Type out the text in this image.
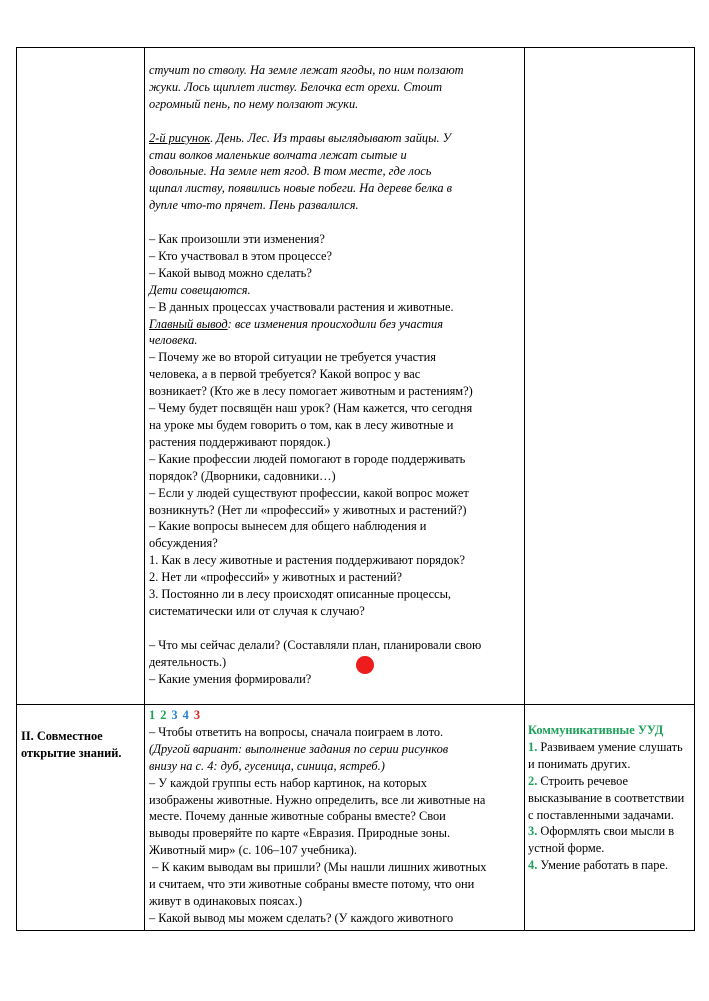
стучит по стволу. На земле лежат ягоды, по ним ползают

жуки. Лось щиплет листву. Белочка ест орехи. Стоит

огромный пень, по нему ползают жуки.

2-й рисунок. День. Лес. Из травы выглядывают зайцы. У

стаи волков маленькие волчата лежат сытые и

довольные. На земле нет ягод. В том месте, где лось

щипал листву, появились новые побеги. На дереве белка в

дупле что-то прячет. Пень развалился.

– Как произошли эти изменения?

– Кто участвовал в этом процессе?

– Какой вывод можно сделать?

Дети совещаются.

– В данных процессах участвовали растения и животные.

Главный вывод: все изменения происходили без участия

человека.

– Почему же во второй ситуации не требуется участия

человека, а в первой требуется? Какой вопрос у вас

возникает? (Кто же в лесу помогает животным и растениям?)

– Чему будет посвящён наш урок? (Нам кажется, что сегодня

на уроке мы будем говорить о том, как в лесу животные и

растения поддерживают порядок.)

– Какие профессии людей помогают в городе поддерживать

порядок? (Дворники, садовники…)

– Если у людей существуют профессии, какой вопрос может

возникнуть? (Нет ли «профессий» у животных и растений?)

– Какие вопросы вынесем для общего наблюдения и

обсуждения?

1. Как в лесу животные и растения поддерживают порядок?

2. Нет ли «профессий» у животных и растений?

3. Постоянно ли в лесу происходят описанные процессы,

систематически или от случая к случаю?

– Что мы сейчас делали? (Составляли план, планировали свою

деятельность.)

– Какие умения формировали?

II. Совместное

открытие знаний.

1 2 3 4 3

– Чтобы ответить на вопросы, сначала поиграем в лото.

(Другой вариант: выполнение задания по серии рисунков

внизу на с. 4: дуб, гусеница, синица, ястреб.)

– У каждой группы есть набор картинок, на которых

изображены животные. Нужно определить, все ли животные на

месте. Почему данные животные собраны вместе? Свои

выводы проверяйте по карте «Евразия. Природные зоны.

Животный мир» (с. 106–107 учебника).

– К каким выводам вы пришли? (Мы нашли лишних животных

и считаем, что эти животные собраны вместе потому, что они

живут в одинаковых поясах.)

– Какой вывод мы можем сделать? (У каждого животного

Коммуникативные УУД

1. Развиваем умение слушать

и понимать других.

2. Строить речевое

высказывание в соответствии

с поставленными задачами.

3. Оформлять свои мысли в

устной форме.

4. Умение работать в паре.
